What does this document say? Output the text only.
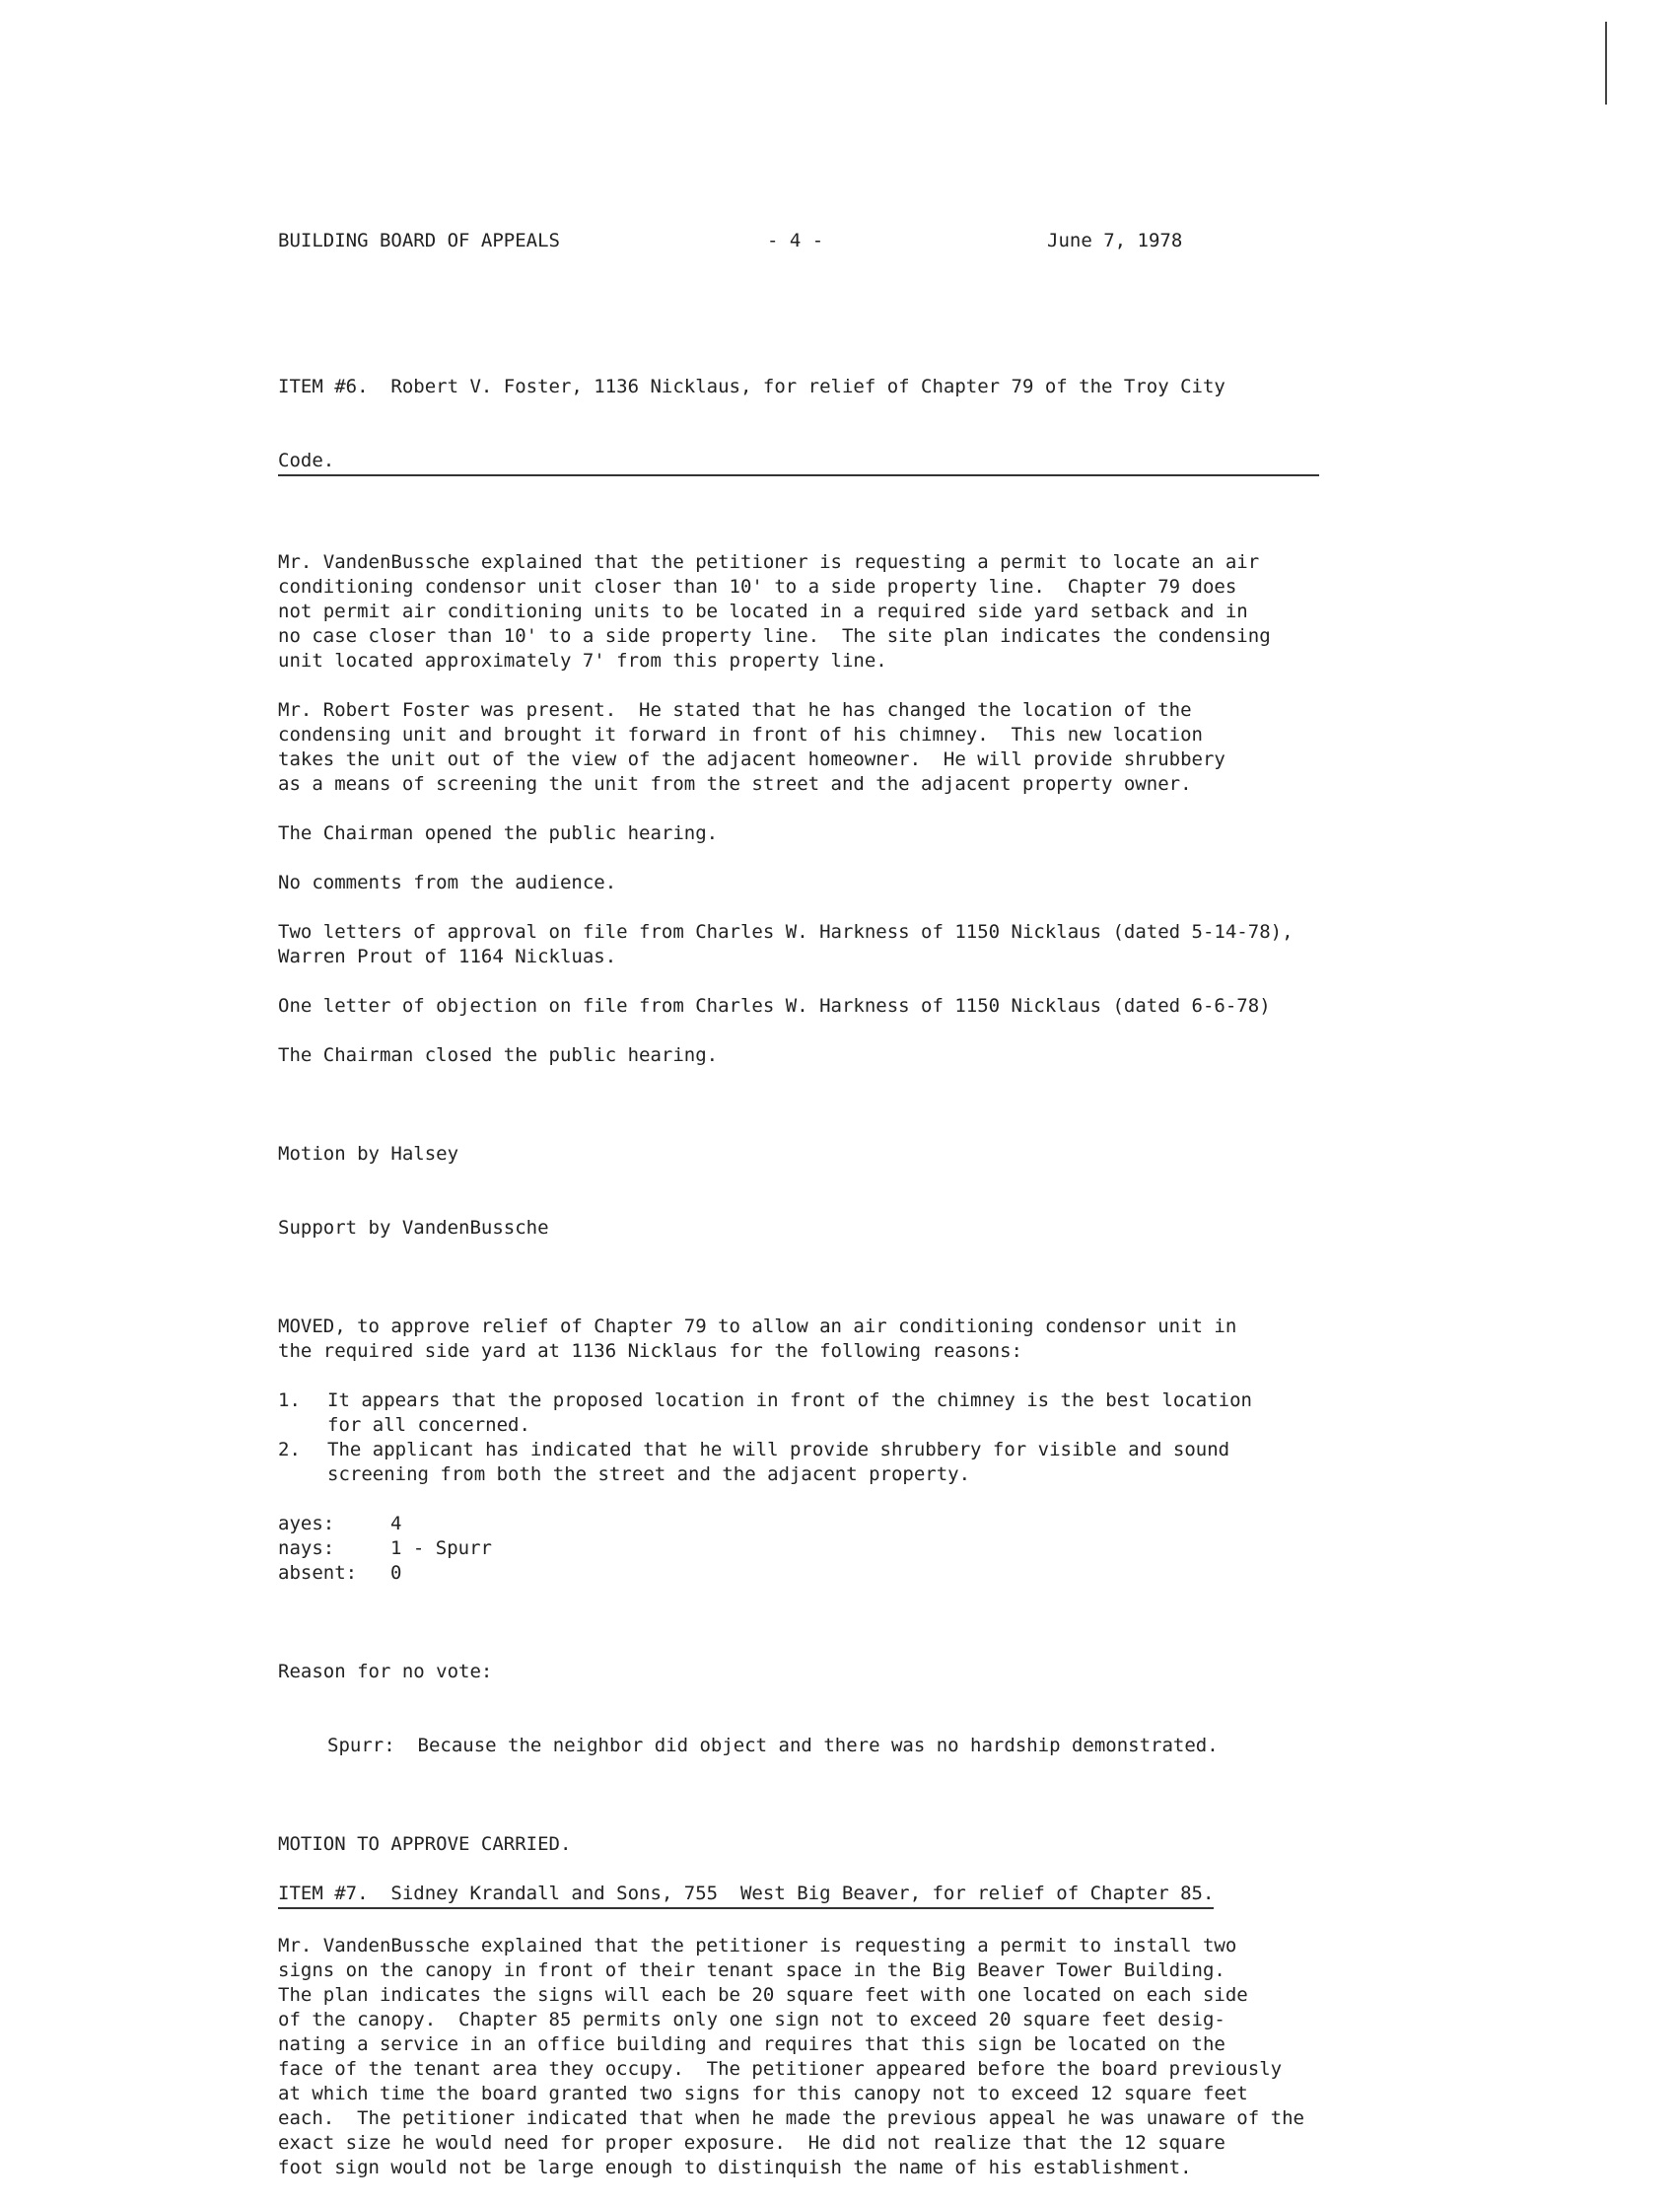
BUILDING BOARD OF APPEALS	- 4 -	June 7, 1978

ITEM #6.  Robert V. Foster, 1136 Nicklaus, for relief of Chapter 79 of the Troy City

Code.

Mr. VandenBussche explained that the petitioner is requesting a permit to locate an air
conditioning condensor unit closer than 10' to a side property line.  Chapter 79 does
not permit air conditioning units to be located in a required side yard setback and in
no case closer than 10' to a side property line.  The site plan indicates the condensing
unit located approximately 7' from this property line.
Mr. Robert Foster was present.  He stated that he has changed the location of the
condensing unit and brought it forward in front of his chimney.  This new location
takes the unit out of the view of the adjacent homeowner.  He will provide shrubbery
as a means of screening the unit from the street and the adjacent property owner.
The Chairman opened the public hearing.
No comments from the audience.
Two letters of approval on file from Charles W. Harkness of 1150 Nicklaus (dated 5-14-78),
Warren Prout of 1164 Nickluas.
One letter of objection on file from Charles W. Harkness of 1150 Nicklaus (dated 6-6-78)
The Chairman closed the public hearing.

Motion by Halsey

Support by VandenBussche

MOVED, to approve relief of Chapter 79 to allow an air conditioning condensor unit in
the required side yard at 1136 Nicklaus for the following reasons:
1.	It appears that the proposed location in front of the chimney is the best location
for all concerned.
2.	The applicant has indicated that he will provide shrubbery for visible and sound
screening from both the street and the adjacent property.
ayes:	4
nays:	1 - Spurr
absent:	0

Reason for no vote:

Spurr:  Because the neighbor did object and there was no hardship demonstrated.

MOTION TO APPROVE CARRIED.
ITEM #7.  Sidney Krandall and Sons, 755  West Big Beaver, for relief of Chapter 85.
Mr. VandenBussche explained that the petitioner is requesting a permit to install two
signs on the canopy in front of their tenant space in the Big Beaver Tower Building.
The plan indicates the signs will each be 20 square feet with one located on each side
of the canopy.  Chapter 85 permits only one sign not to exceed 20 square feet desig-
nating a service in an office building and requires that this sign be located on the
face of the tenant area they occupy.  The petitioner appeared before the board previously
at which time the board granted two signs for this canopy not to exceed 12 square feet
each.  The petitioner indicated that when he made the previous appeal he was unaware of the
exact size he would need for proper exposure.  He did not realize that the 12 square
foot sign would not be large enough to distinquish the name of his establishment.
